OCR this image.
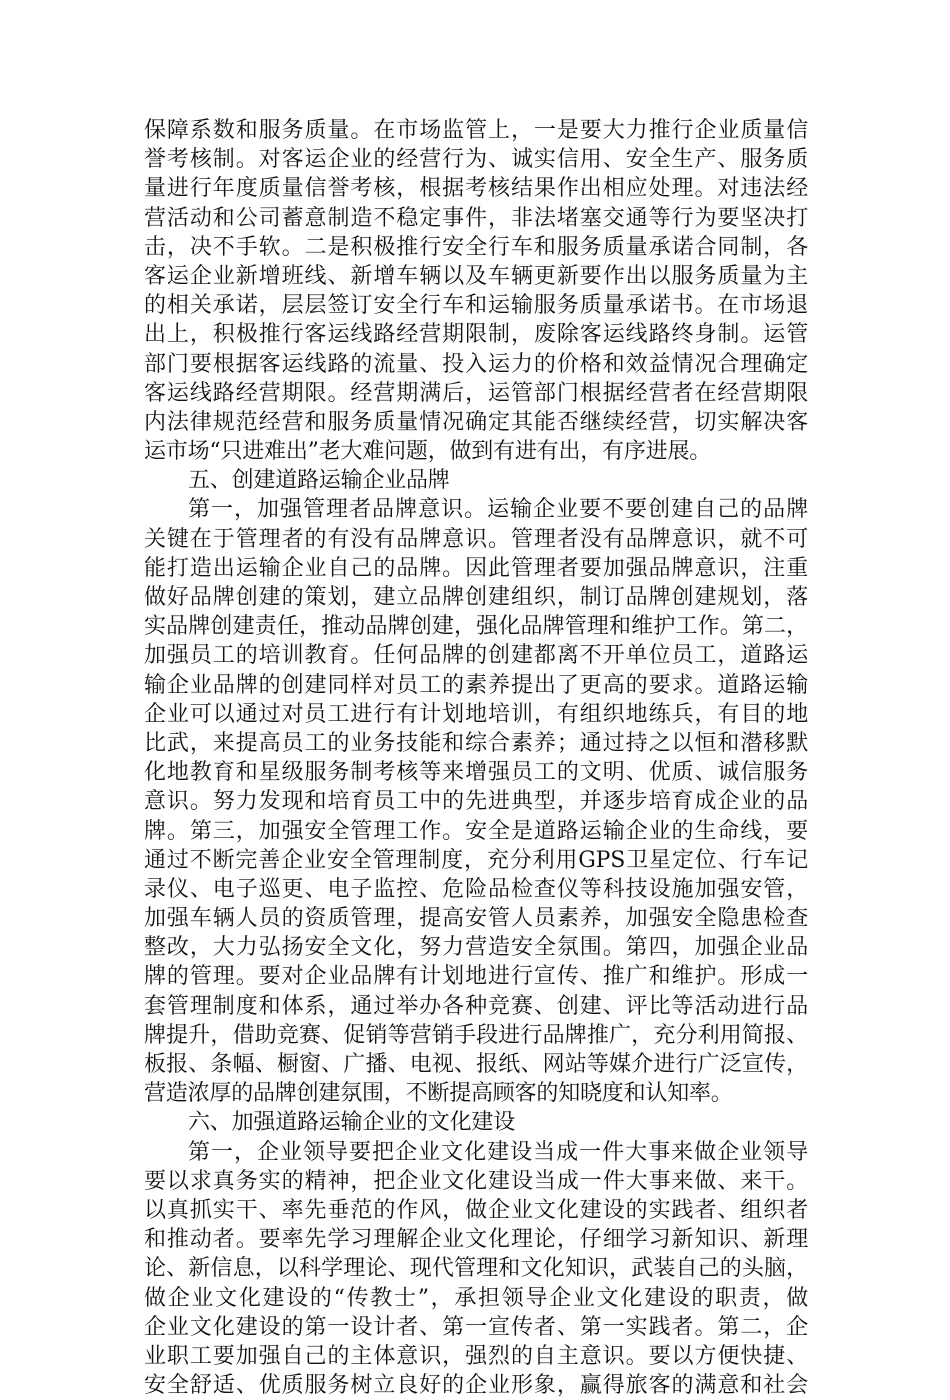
保障系数和服务质量。在市场监管上，一是要大力推行企业质量信
誉考核制。对客运企业的经营行为、诚实信用、安全生产、服务质
量进行年度质量信誉考核，根据考核结果作出相应处理。对违法经
营活动和公司蓄意制造不稳定事件，非法堵塞交通等行为要坚决打
击，决不手软。二是积极推行安全行车和服务质量承诺合同制，各
客运企业新增班线、新增车辆以及车辆更新要作出以服务质量为主
的相关承诺，层层签订安全行车和运输服务质量承诺书。在市场退
出上，积极推行客运线路经营期限制，废除客运线路终身制。运管
部门要根据客运线路的流量、投入运力的价格和效益情况合理确定
客运线路经营期限。经营期满后，运管部门根据经营者在经营期限
内法律规范经营和服务质量情况确定其能否继续经营，切实解决客
运市场“只进难出”老大难问题，做到有进有出，有序进展。
五、创建道路运输企业品牌
第一，加强管理者品牌意识。运输企业要不要创建自己的品牌
关键在于管理者的有没有品牌意识。管理者没有品牌意识，就不可
能打造出运输企业自己的品牌。因此管理者要加强品牌意识，注重
做好品牌创建的策划，建立品牌创建组织，制订品牌创建规划，落
实品牌创建责任，推动品牌创建，强化品牌管理和维护工作。第二，
加强员工的培训教育。任何品牌的创建都离不开单位员工，道路运
输企业品牌的创建同样对员工的素养提出了更高的要求。道路运输
企业可以通过对员工进行有计划地培训，有组织地练兵，有目的地
比武，来提高员工的业务技能和综合素养；通过持之以恒和潜移默
化地教育和星级服务制考核等来增强员工的文明、优质、诚信服务
意识。努力发现和培育员工中的先进典型，并逐步培育成企业的品
牌。第三，加强安全管理工作。安全是道路运输企业的生命线，要
通过不断完善企业安全管理制度，充分利用GPS卫星定位、行车记
录仪、电子巡更、电子监控、危险品检查仪等科技设施加强安管，
加强车辆人员的资质管理，提高安管人员素养，加强安全隐患检查
整改，大力弘扬安全文化，努力营造安全氛围。第四，加强企业品
牌的管理。要对企业品牌有计划地进行宣传、推广和维护。形成一
套管理制度和体系，通过举办各种竞赛、创建、评比等活动进行品
牌提升，借助竞赛、促销等营销手段进行品牌推广，充分利用简报、
板报、条幅、橱窗、广播、电视、报纸、网站等媒介进行广泛宣传，
营造浓厚的品牌创建氛围，不断提高顾客的知晓度和认知率。
六、加强道路运输企业的文化建设
第一，企业领导要把企业文化建设当成一件大事来做企业领导
要以求真务实的精神，把企业文化建设当成一件大事来做、来干。
以真抓实干、率先垂范的作风，做企业文化建设的实践者、组织者
和推动者。要率先学习理解企业文化理论，仔细学习新知识、新理
论、新信息，以科学理论、现代管理和文化知识，武装自己的头脑，
做企业文化建设的“传教士”，承担领导企业文化建设的职责，做
企业文化建设的第一设计者、第一宣传者、第一实践者。第二，企
业职工要加强自己的主体意识，强烈的自主意识。要以方便快捷、
安全舒适、优质服务树立良好的企业形象，赢得旅客的满意和社会
